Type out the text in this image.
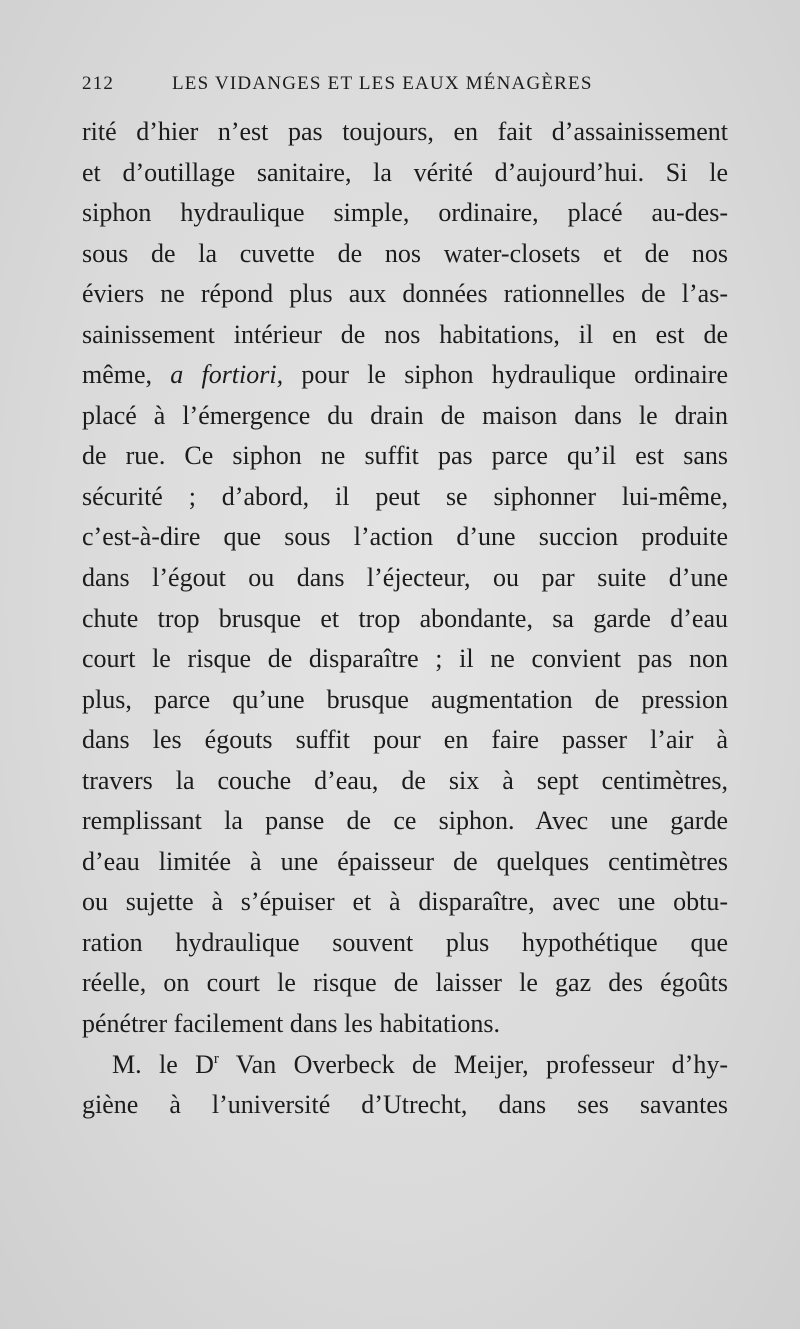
212	LES VIDANGES ET LES EAUX MÉNAGÈRES
rité d’hier n’est pas toujours, en fait d’assainissement
et d’outillage sanitaire, la vérité d’aujourd’hui. Si le
siphon hydraulique simple, ordinaire, placé au-des-
sous de la cuvette de nos water-closets et de nos
éviers ne répond plus aux données rationnelles de l’as-
sainissement intérieur de nos habitations, il en est de
même, a fortiori, pour le siphon hydraulique ordinaire
placé à l’émergence du drain de maison dans le drain
de rue. Ce siphon ne suffit pas parce qu’il est sans
sécurité ; d’abord, il peut se siphonner lui-même,
c’est-à-dire que sous l’action d’une succion produite
dans l’égout ou dans l’éjecteur, ou par suite d’une
chute trop brusque et trop abondante, sa garde d’eau
court le risque de disparaître ; il ne convient pas non
plus, parce qu’une brusque augmentation de pression
dans les égouts suffit pour en faire passer l’air à
travers la couche d’eau, de six à sept centimètres,
remplissant la panse de ce siphon. Avec une garde
d’eau limitée à une épaisseur de quelques centimètres
ou sujette à s’épuiser et à disparaître, avec une obtu-
ration hydraulique souvent plus hypothétique que
réelle, on court le risque de laisser le gaz des égoûts
pénétrer facilement dans les habitations.
M. le $D^r$ Van Overbeck de Meijer, professeur d’hy-
giène à l’université d’Utrecht, dans ses savantes
